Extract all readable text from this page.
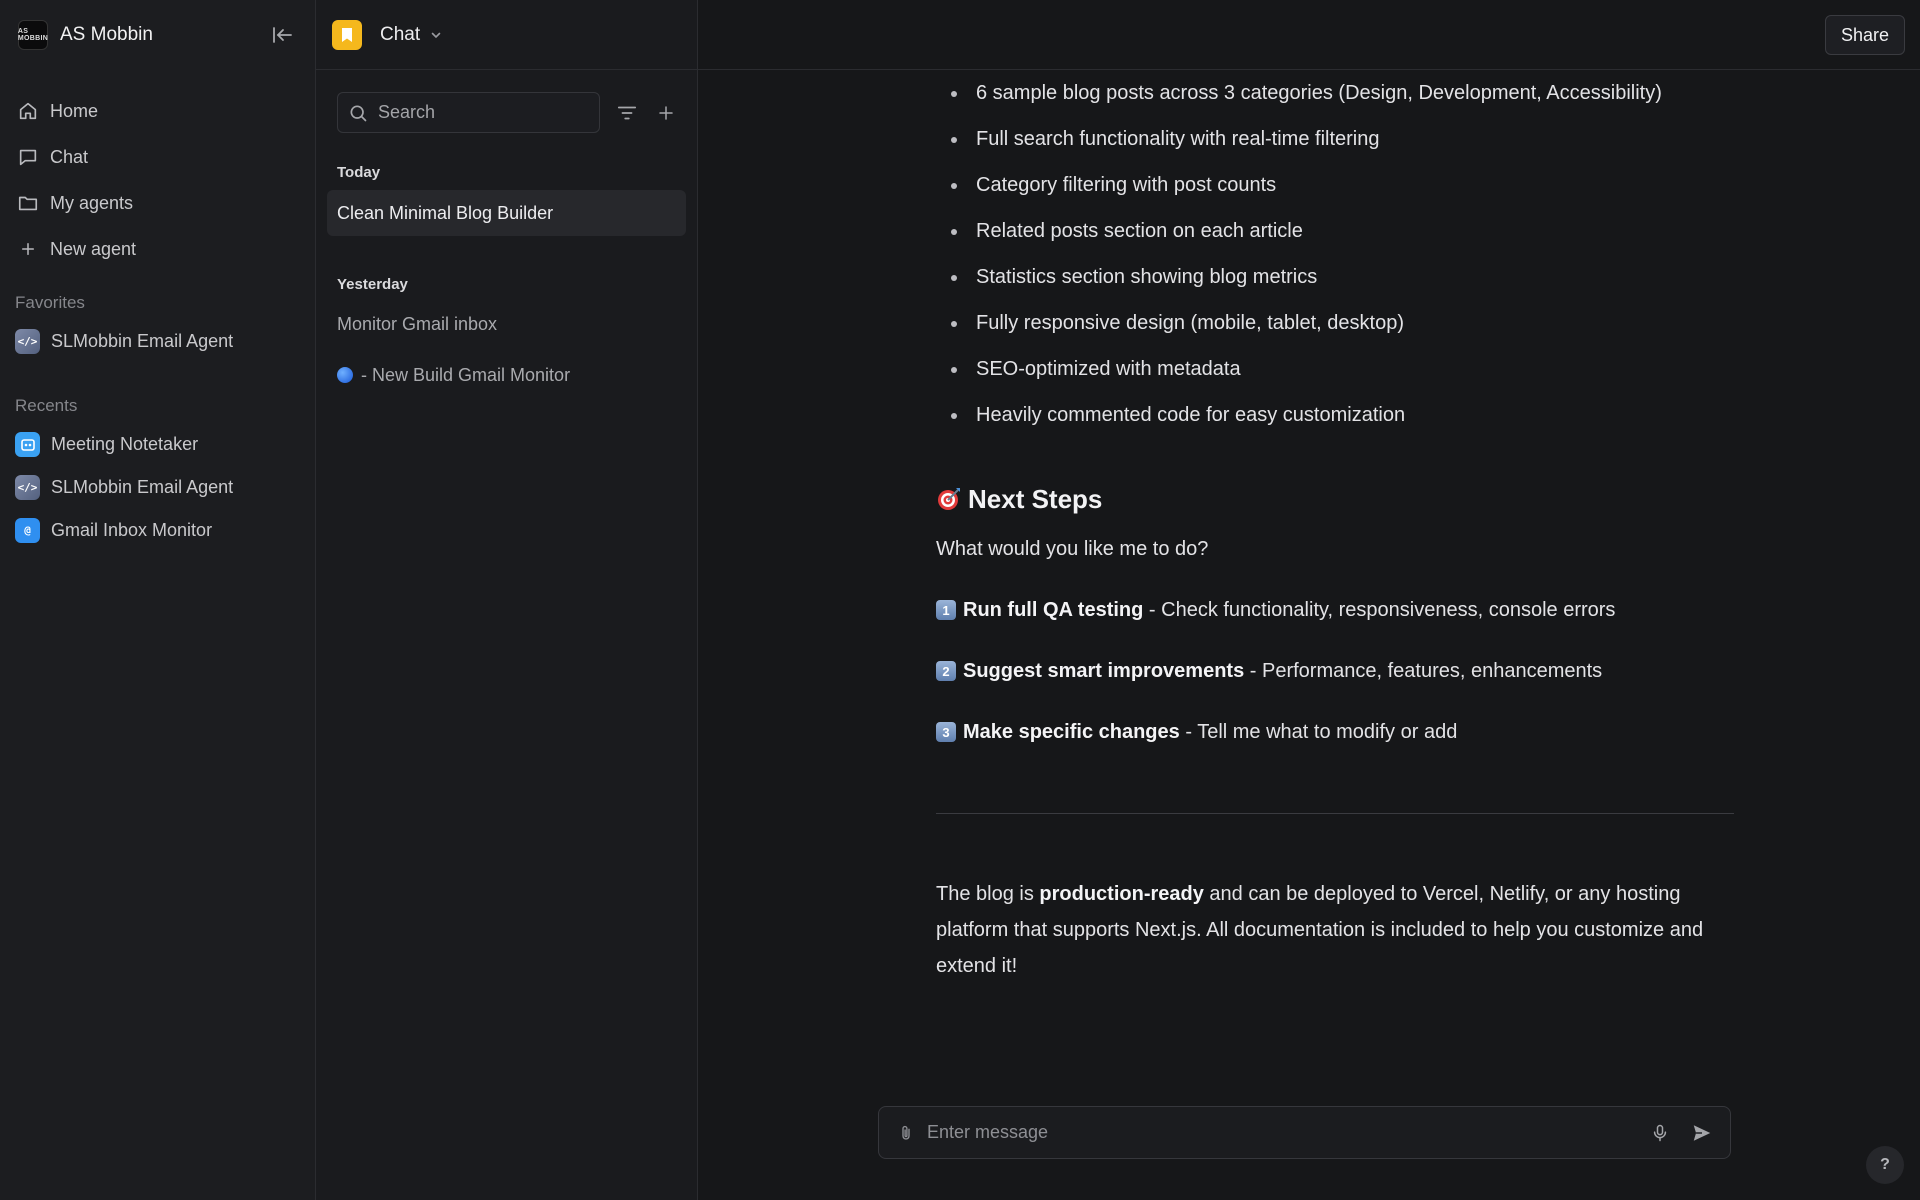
AS MOBBIN AS Mobbin
Home
Chat
My agents
New agent
Favorites
</> SLMobbin Email Agent
Recents
Meeting Notetaker
</> SLMobbin Email Agent
@	Gmail Inbox Monitor
Chat
Search
Today
Clean Minimal Blog Builder
Yesterday
Monitor Gmail inbox
- New Build Gmail Monitor
Share
6 sample blog posts across 3 categories (Design, Development, Accessibility)
Full search functionality with real-time filtering
Category filtering with post counts
Related posts section on each article
Statistics section showing blog metrics
Fully responsive design (mobile, tablet, desktop)
SEO-optimized with metadata
Heavily commented code for easy customization
Next Steps
What would you like me to do?
1 Run full QA testing - Check functionality, responsiveness, console errors
2 Suggest smart improvements - Performance, features, enhancements
3 Make specific changes - Tell me what to modify or add

The blog is production-ready and can be deployed to Vercel, Netlify, or any hosting platform that supports Next.js. All documentation is included to help you customize and extend it!

Enter message
?
